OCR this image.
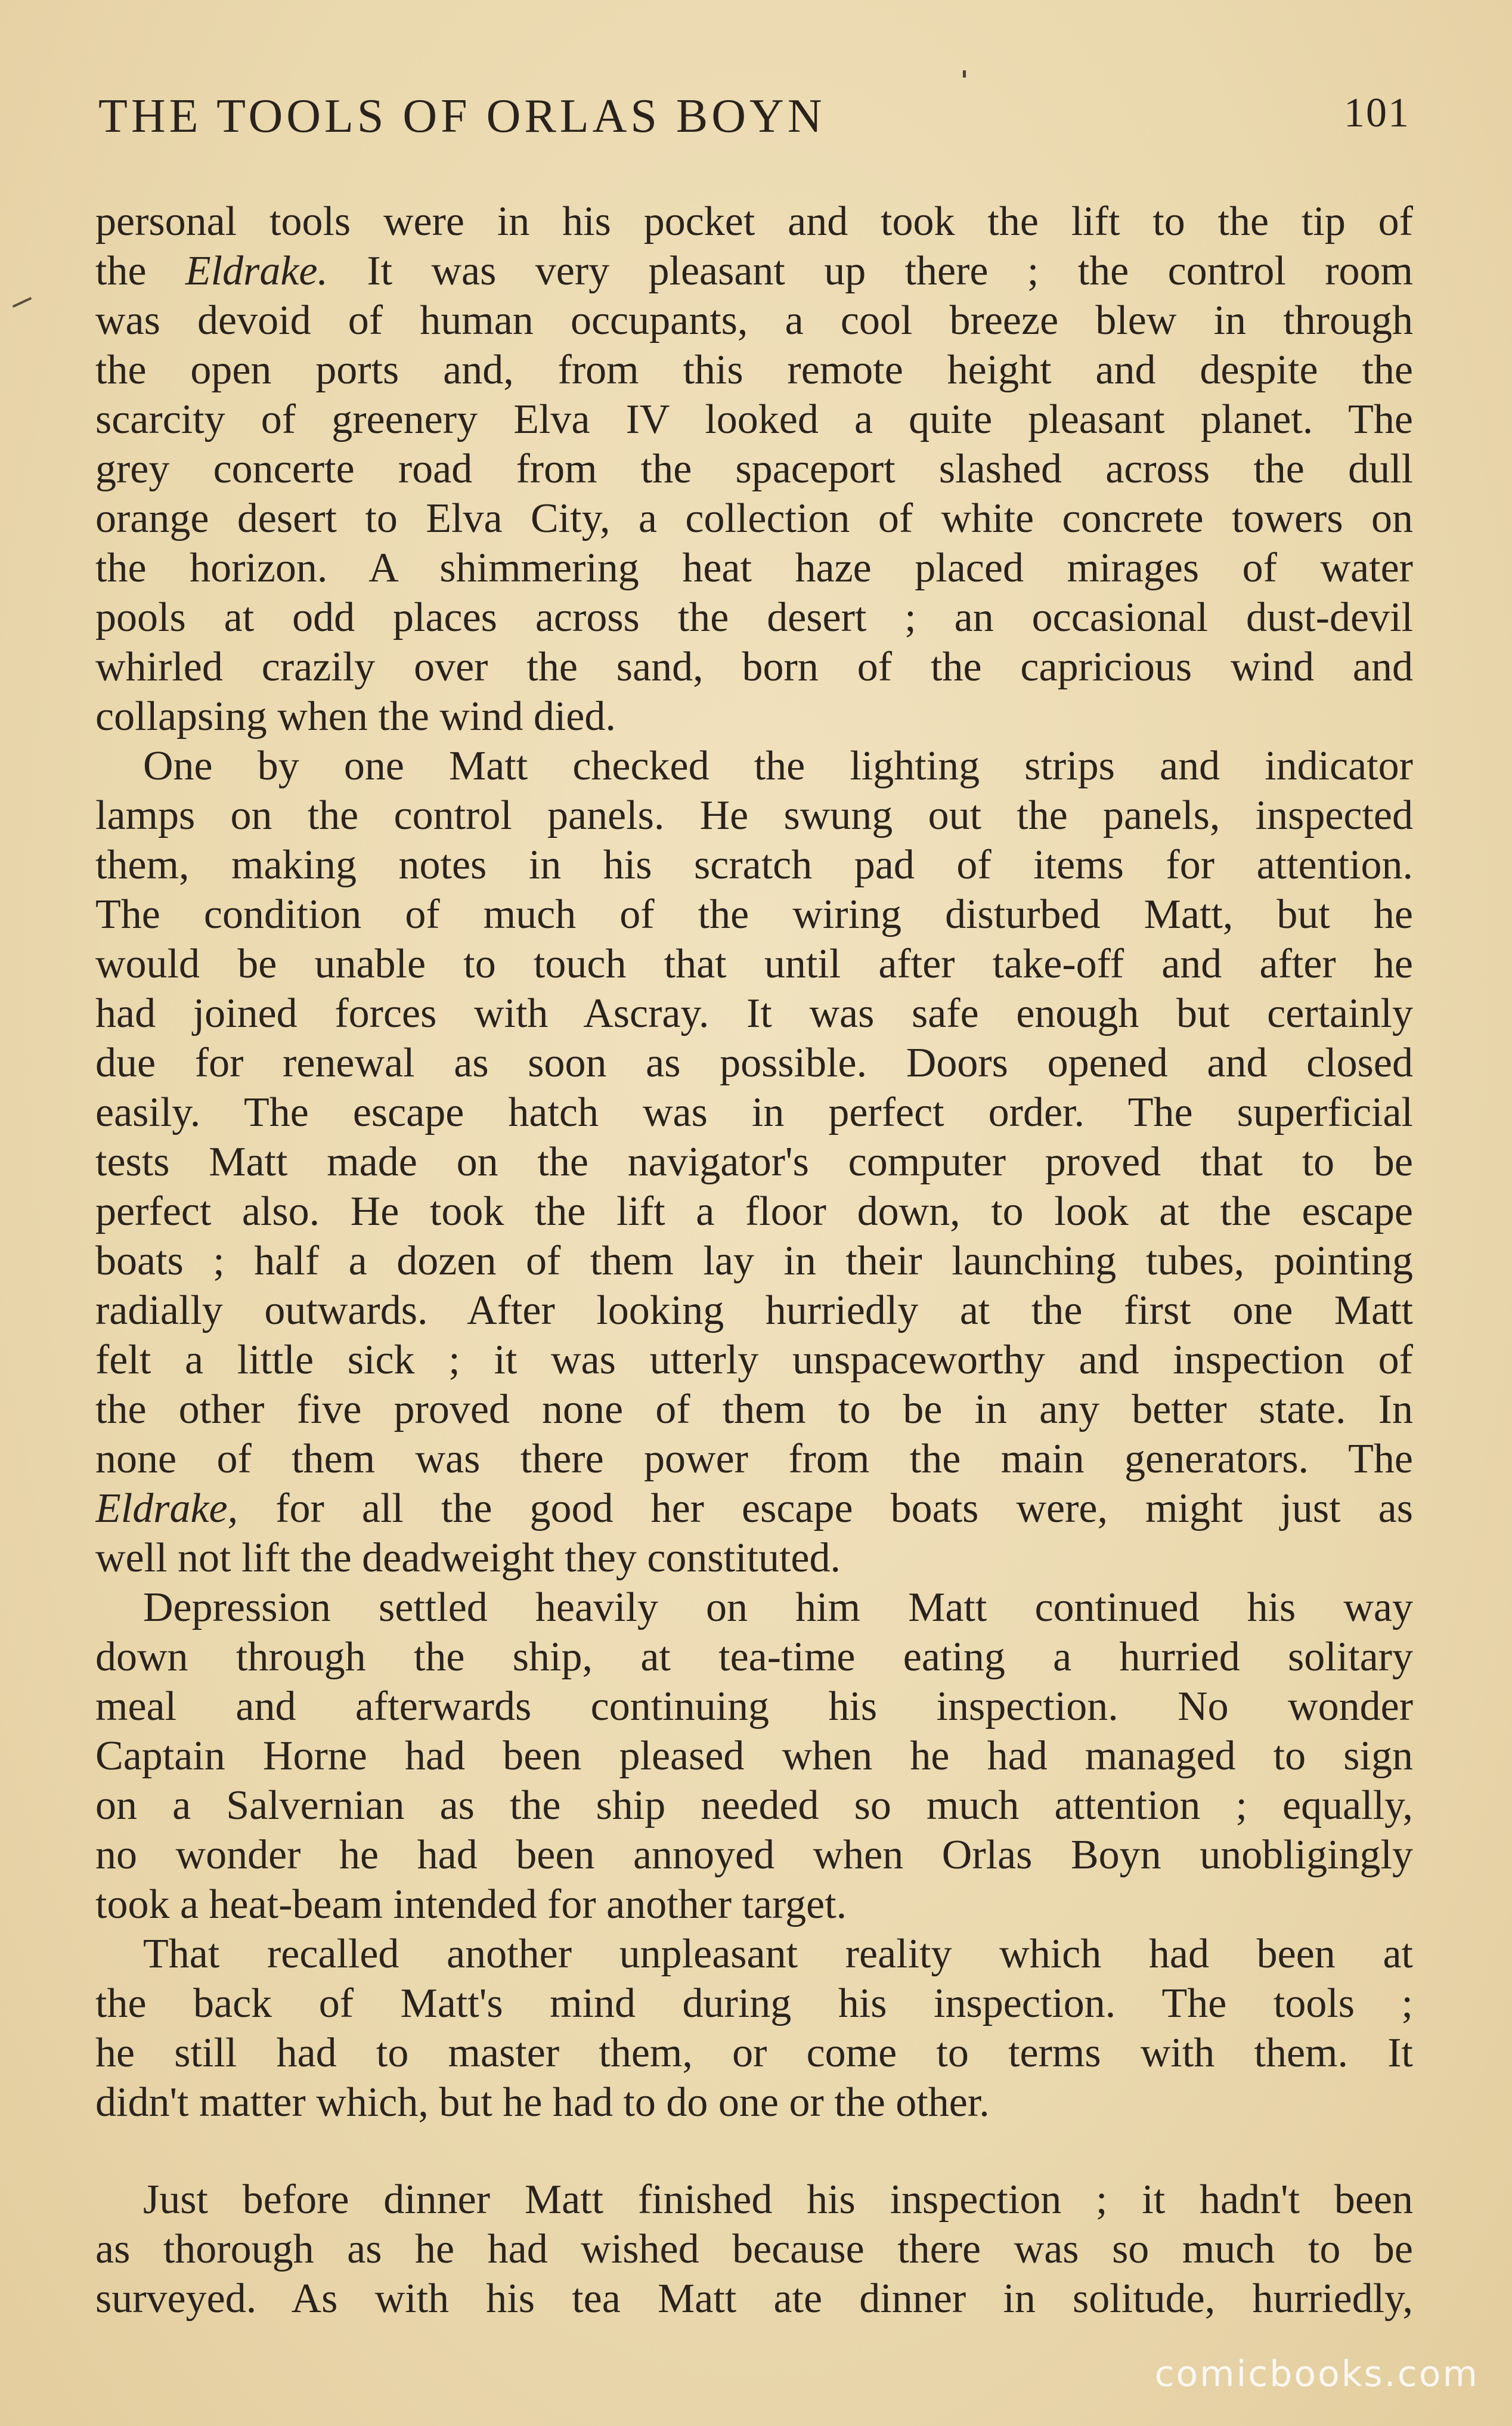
THE TOOLS OF ORLAS BOYN	101
personal tools were in his pocket and took the lift to the tip of
the Eldrake. It was very pleasant up there ; the control room
was devoid of human occupants, a cool breeze blew in through
the open ports and, from this remote height and despite the
scarcity of greenery Elva IV looked a quite pleasant planet. The
grey concerte road from the spaceport slashed across the dull
orange desert to Elva City, a collection of white concrete towers on
the horizon. A shimmering heat haze placed mirages of water
pools at odd places across the desert ; an occasional dust-devil
whirled crazily over the sand, born of the capricious wind and
collapsing when the wind died.
One by one Matt checked the lighting strips and indicator
lamps on the control panels. He swung out the panels, inspected
them, making notes in his scratch pad of items for attention.
The condition of much of the wiring disturbed Matt, but he
would be unable to touch that until after take-off and after he
had joined forces with Ascray. It was safe enough but certainly
due for renewal as soon as possible. Doors opened and closed
easily. The escape hatch was in perfect order. The superficial
tests Matt made on the navigator's computer proved that to be
perfect also. He took the lift a floor down, to look at the escape
boats ; half a dozen of them lay in their launching tubes, pointing
radially outwards. After looking hurriedly at the first one Matt
felt a little sick ; it was utterly unspaceworthy and inspection of
the other five proved none of them to be in any better state. In
none of them was there power from the main generators. The
Eldrake, for all the good her escape boats were, might just as
well not lift the deadweight they constituted.
Depression settled heavily on him Matt continued his way
down through the ship, at tea-time eating a hurried solitary
meal and afterwards continuing his inspection. No wonder
Captain Horne had been pleased when he had managed to sign
on a Salvernian as the ship needed so much attention ; equally,
no wonder he had been annoyed when Orlas Boyn unobligingly
took a heat-beam intended for another target.
That recalled another unpleasant reality which had been at
the back of Matt's mind during his inspection. The tools ;
he still had to master them, or come to terms with them. It
didn't matter which, but he had to do one or the other.
Just before dinner Matt finished his inspection ; it hadn't been
as thorough as he had wished because there was so much to be
surveyed. As with his tea Matt ate dinner in solitude, hurriedly,
comicbooks.com
